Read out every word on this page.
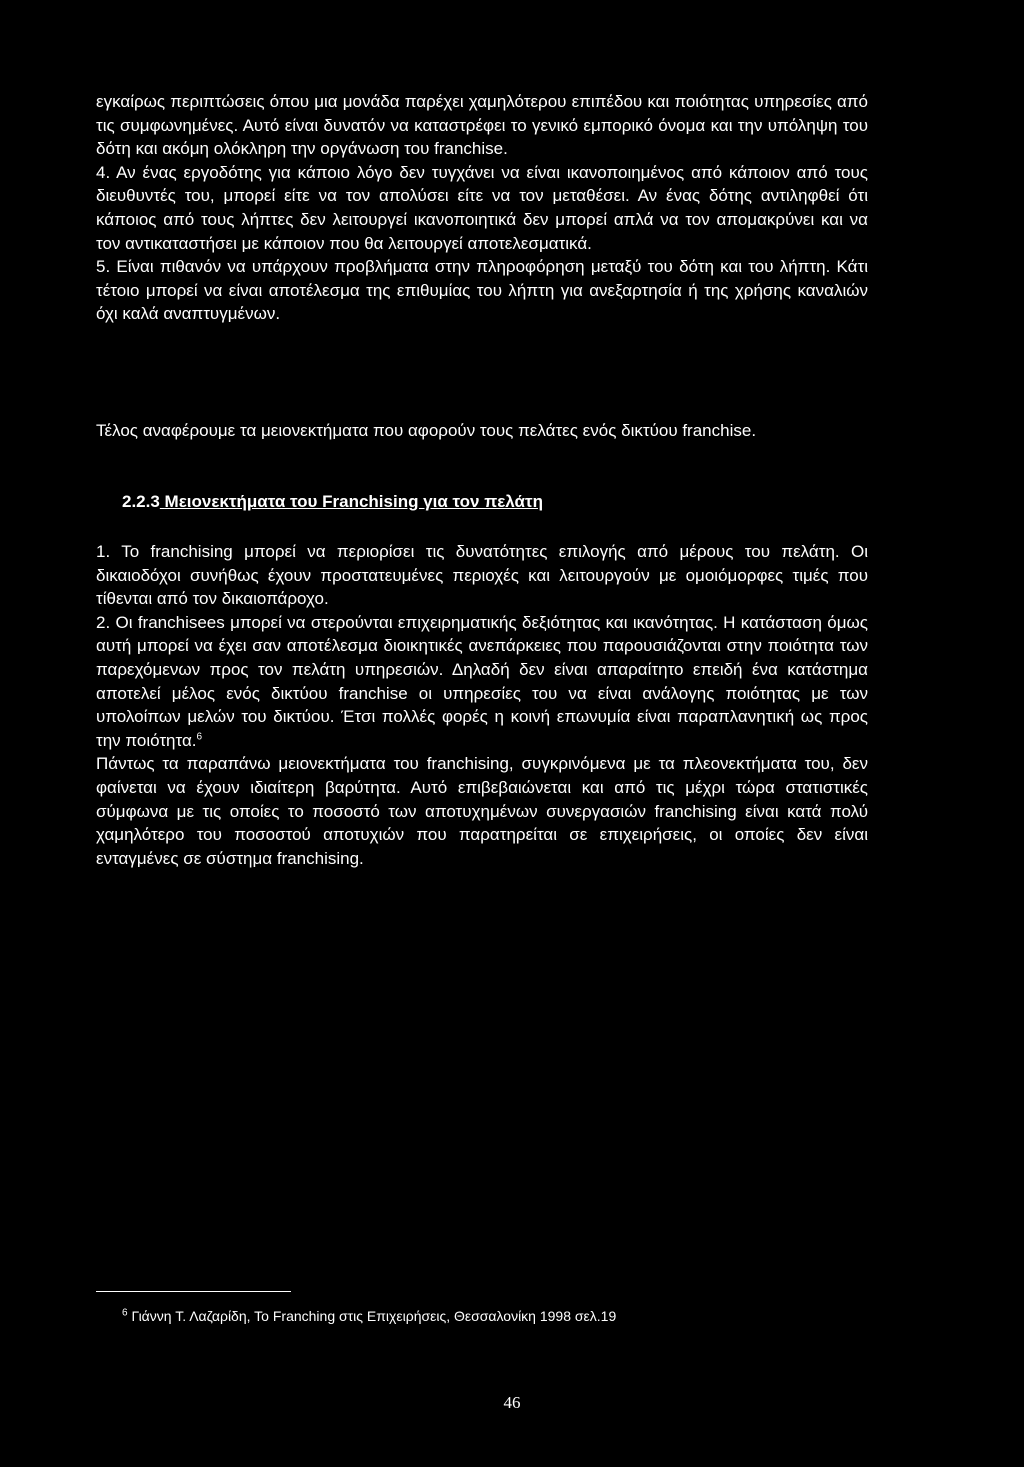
εγκαίρως περιπτώσεις όπου μια μονάδα παρέχει χαμηλότερου επιπέδου και ποιότητας υπηρεσίες από τις συμφωνημένες. Αυτό είναι δυνατόν να καταστρέφει το γενικό εμπορικό όνομα και την υπόληψη του δότη και ακόμη ολόκληρη την οργάνωση του franchise.

4. Αν ένας εργοδότης για κάποιο λόγο δεν τυγχάνει να είναι ικανοποιημένος από κάποιον από τους διευθυντές του, μπορεί είτε να τον απολύσει είτε να τον μεταθέσει. Αν ένας δότης αντιληφθεί ότι κάποιος από τους λήπτες δεν λειτουργεί ικανοποιητικά δεν μπορεί απλά να τον απομακρύνει και να τον αντικαταστήσει με κάποιον που θα λειτουργεί αποτελεσματικά.

5. Είναι πιθανόν να υπάρχουν προβλήματα στην πληροφόρηση μεταξύ του δότη και του λήπτη. Κάτι τέτοιο μπορεί να είναι αποτέλεσμα της επιθυμίας του λήπτη για ανεξαρτησία ή της χρήσης καναλιών όχι καλά αναπτυγμένων.

Τέλος αναφέρουμε τα μειονεκτήματα που αφορούν τους πελάτες ενός δικτύου franchise.

2.2.3 Μειονεκτήματα του Franchising για τον πελάτη

1. Το franchising μπορεί να περιορίσει τις δυνατότητες επιλογής από μέρους του πελάτη. Οι δικαιοδόχοι συνήθως έχουν προστατευμένες περιοχές και λειτουργούν με ομοιόμορφες τιμές που τίθενται από τον δικαιοπάροχο.

2. Οι franchisees μπορεί να στερούνται επιχειρηματικής δεξιότητας και ικανότητας. Η κατάσταση όμως αυτή μπορεί να έχει σαν αποτέλεσμα διοικητικές ανεπάρκειες που παρουσιάζονται στην ποιότητα των παρεχόμενων προς τον πελάτη υπηρεσιών. Δηλαδή δεν είναι απαραίτητο επειδή ένα κατάστημα αποτελεί μέλος ενός δικτύου franchise οι υπηρεσίες του να είναι ανάλογης ποιότητας με των υπολοίπων μελών του δικτύου. Έτσι πολλές φορές η κοινή επωνυμία είναι παραπλανητική ως προς την ποιότητα.$^6$

Πάντως τα παραπάνω μειονεκτήματα του franchising, συγκρινόμενα με τα πλεονεκτήματα του, δεν φαίνεται να έχουν ιδιαίτερη βαρύτητα. Αυτό επιβεβαιώνεται και από τις μέχρι τώρα στατιστικές σύμφωνα με τις οποίες το ποσοστό των αποτυχημένων συνεργασιών franchising είναι κατά πολύ χαμηλότερο του ποσοστού αποτυχιών που παρατηρείται σε επιχειρήσεις, οι οποίες δεν είναι ενταγμένες σε σύστημα franchising.

$^6$ Γιάννη Τ. Λαζαρίδη, Το Franching στις Επιχειρήσεις, Θεσσαλονίκη 1998 σελ.19
46
